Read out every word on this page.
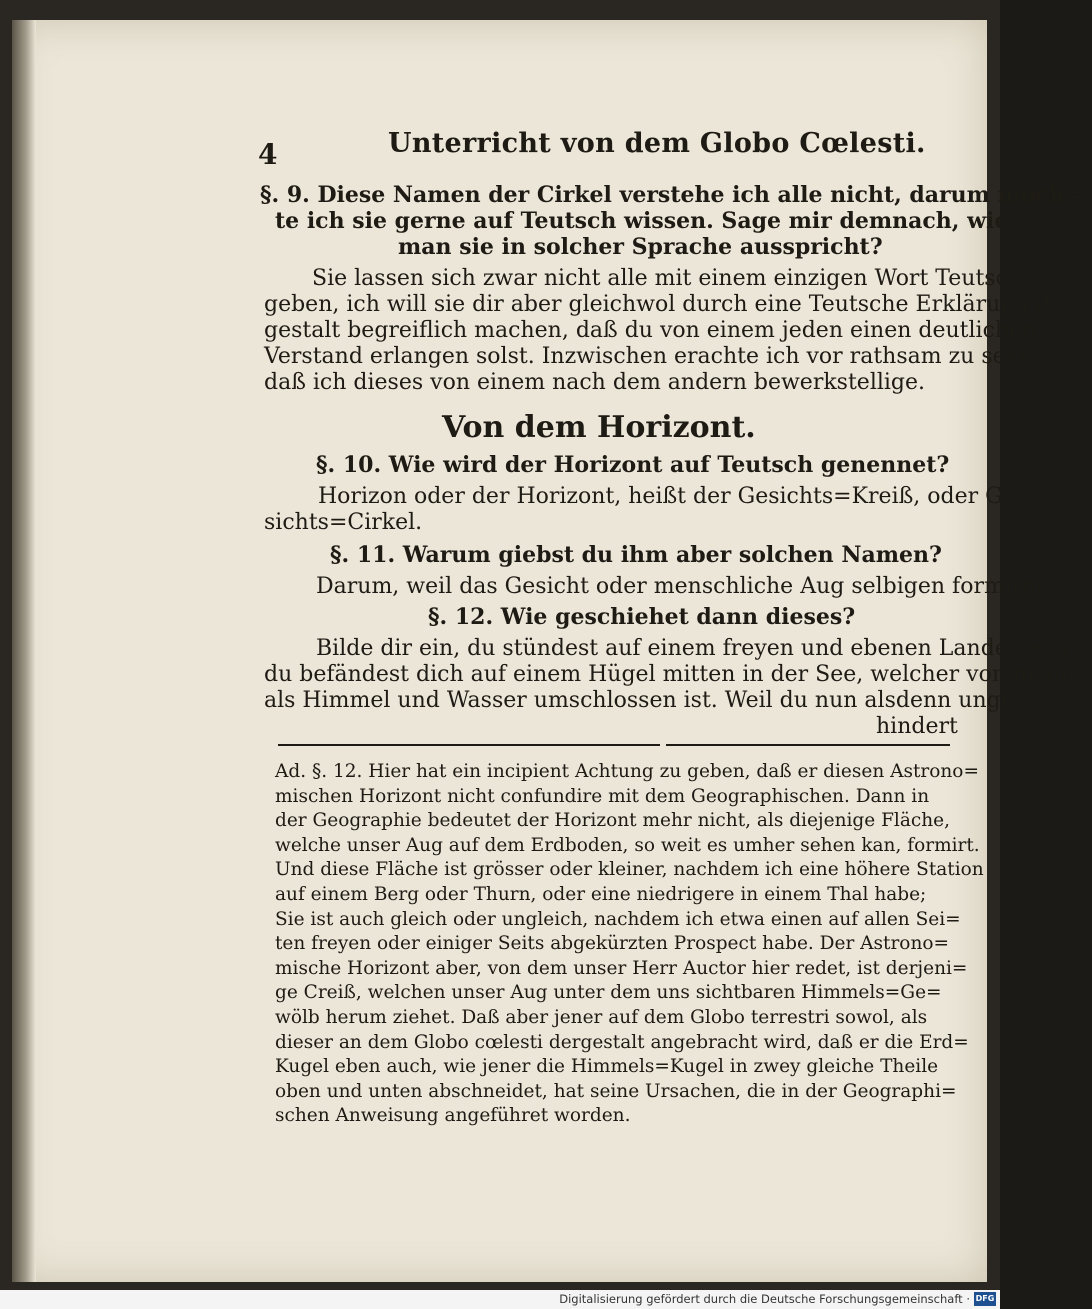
4	Unterricht von dem Globo Cœlesti.
§. 9. Diese Namen der Cirkel verstehe ich alle nicht, darum möch=
te ich sie gerne auf Teutsch wissen. Sage mir demnach, wie
man sie in solcher Sprache ausspricht?
Sie lassen sich zwar nicht alle mit einem einzigen Wort Teutsch
geben, ich will sie dir aber gleichwol durch eine Teutsche Erklärung der=
gestalt begreiflich machen, daß du von einem jeden einen deutlichen
Verstand erlangen solst. Inzwischen erachte ich vor rathsam zu seyn,
daß ich dieses von einem nach dem andern bewerkstellige.
Von dem Horizont.
§. 10. Wie wird der Horizont auf Teutsch genennet?
Horizon oder der Horizont, heißt der Gesichts=Kreiß, oder Ge=
sichts=Cirkel.
§. 11. Warum giebst du ihm aber solchen Namen?
Darum, weil das Gesicht oder menschliche Aug selbigen formiret.
§. 12. Wie geschiehet dann dieses?
Bilde dir ein, du stündest auf einem freyen und ebenen Lande, oder
du befändest dich auf einem Hügel mitten in der See, welcher von nichts
als Himmel und Wasser umschlossen ist. Weil du nun alsdenn unge=
hindert
Ad. §. 12. Hier hat ein incipient Achtung zu geben, daß er diesen Astrono=
mischen Horizont nicht confundire mit dem Geographischen. Dann in
der Geographie bedeutet der Horizont mehr nicht, als diejenige Fläche,
welche unser Aug auf dem Erdboden, so weit es umher sehen kan, formirt.
Und diese Fläche ist grösser oder kleiner, nachdem ich eine höhere Station
auf einem Berg oder Thurn, oder eine niedrigere in einem Thal habe;
Sie ist auch gleich oder ungleich, nachdem ich etwa einen auf allen Sei=
ten freyen oder einiger Seits abgekürzten Prospect habe. Der Astrono=
mische Horizont aber, von dem unser Herr Auctor hier redet, ist derjeni=
ge Creiß, welchen unser Aug unter dem uns sichtbaren Himmels=Ge=
wölb herum ziehet. Daß aber jener auf dem Globo terrestri sowol, als
dieser an dem Globo cœlesti dergestalt angebracht wird, daß er die Erd=
Kugel eben auch, wie jener die Himmels=Kugel in zwey gleiche Theile
oben und unten abschneidet, hat seine Ursachen, die in der Geographi=
schen Anweisung angeführet worden.
Digitalisierung gefördert durch die Deutsche Forschungsgemeinschaft · DFG
